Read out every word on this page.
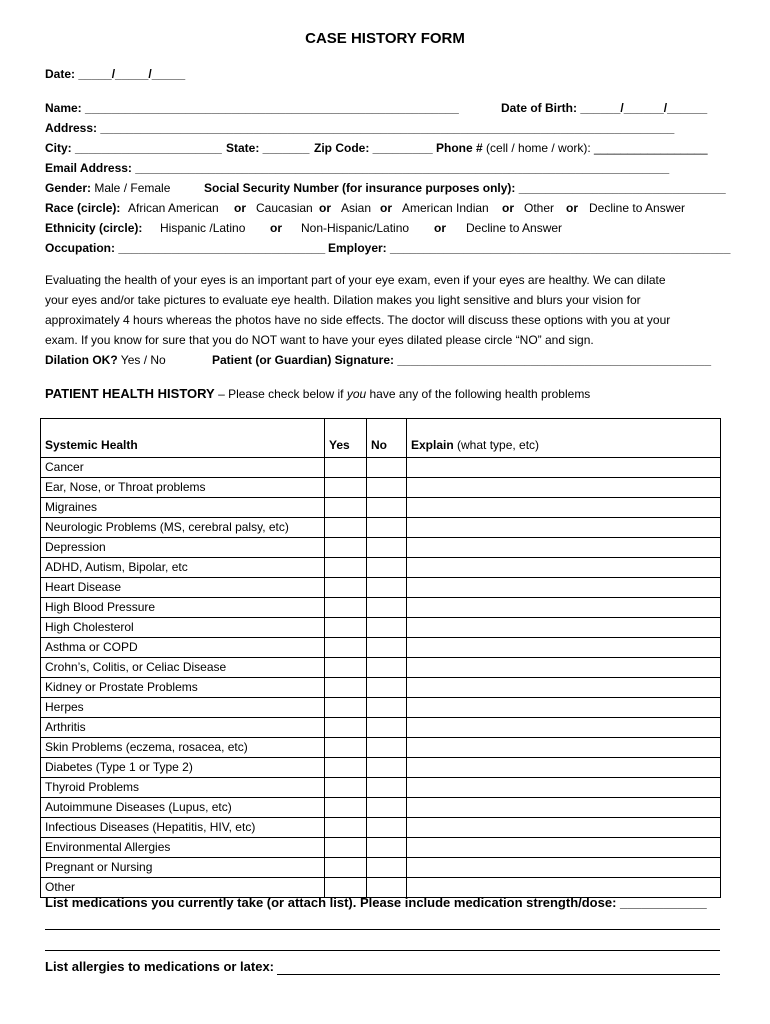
CASE HISTORY FORM
Date: _____/_____/_____
Name: ________________________________________________________	Date of Birth: ______/______/______
Address: ______________________________________________________________________________________
City: ______________________ State: _______ Zip Code: _________ Phone # (cell / home / work): _________________
Email Address: ________________________________________________________________________________
Gender: Male / Female	Social Security Number (for insurance purposes only): _______________________________
Race (circle): African American or Caucasian or Asian or American Indian or Other or Decline to Answer
Ethnicity (circle): Hispanic /Latino or Non-Hispanic/Latino or Decline to Answer
Occupation: _______________________________ Employer: ___________________________________________________
Evaluating the health of your eyes is an important part of your eye exam, even if your eyes are healthy. We can dilate
your eyes and/or take pictures to evaluate eye health. Dilation makes you light sensitive and blurs your vision for
approximately 4 hours whereas the photos have no side effects. The doctor will discuss these options with you at your
exam. If you know for sure that you do NOT want to have your eyes dilated please circle “NO” and sign.
Dilation OK? Yes / No	Patient (or Guardian) Signature: _______________________________________________
PATIENT HEALTH HISTORY – Please check below if you have any of the following health problems
Systemic Health	Yes	No	Explain (what type, etc)
Cancer			
Ear, Nose, or Throat problems			
Migraines			
Neurologic Problems (MS, cerebral palsy, etc)			
Depression			
ADHD, Autism, Bipolar, etc			
Heart Disease			
High Blood Pressure			
High Cholesterol			
Asthma or COPD			
Crohn’s, Colitis, or Celiac Disease			
Kidney or Prostate Problems			
Herpes			
Arthritis			
Skin Problems (eczema, rosacea, etc)			
Diabetes (Type 1 or Type 2)			
Thyroid Problems			
Autoimmune Diseases (Lupus, etc)			
Infectious Diseases (Hepatitis, HIV, etc)			
Environmental Allergies			
Pregnant or Nursing			
Other			
List medications you currently take (or attach list). Please include medication strength/dose: ____________
List allergies to medications or latex:
